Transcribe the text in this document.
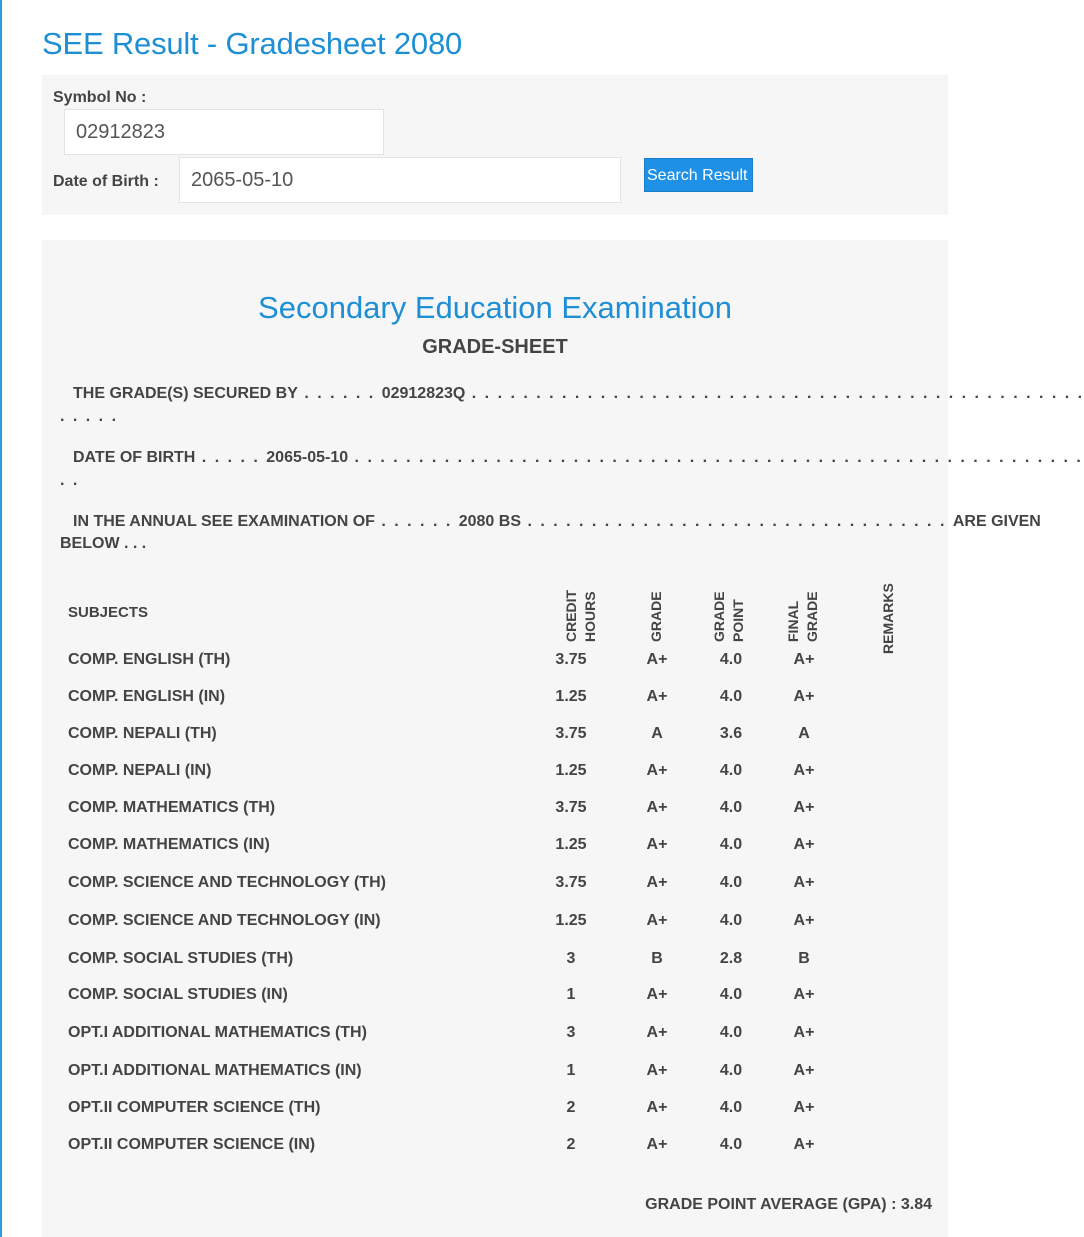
SEE Result - Gradesheet 2080
Symbol No :
02912823
Date of Birth :	2065-05-10	Search Result
Secondary Education Examination
GRADE-SHEET
THE GRADE(S) SECURED BY . . . . . . 02912823Q . . . . . . . . . . . . . . . . . . . . . . . . . . . . . . . . . . . . . . . . . . . . . . . .
. . . . .
DATE OF BIRTH . . . . . 2065-05-10 . . . . . . . . . . . . . . . . . . . . . . . . . . . . . . . . . . . . . . . . . . . . . . . . . . . . . . . . .
. .
IN THE ANNUAL SEE EXAMINATION OF . . . . . . 2080 BS . . . . . . . . . . . . . . . . . . . . . . . . . . . . . . . . . ARE GIVEN
BELOW . . .
SUBJECTS	CREDIT HOURS	GRADE	GRADE POINT	FINAL GRADE	REMARKS
COMP. ENGLISH (TH)	3.75	A+	4.0	A+
COMP. ENGLISH (IN)	1.25	A+	4.0	A+
COMP. NEPALI (TH)	3.75	A	3.6	A
COMP. NEPALI (IN)	1.25	A+	4.0	A+
COMP. MATHEMATICS (TH)	3.75	A+	4.0	A+
COMP. MATHEMATICS (IN)	1.25	A+	4.0	A+
COMP. SCIENCE AND TECHNOLOGY (TH)	3.75	A+	4.0	A+
COMP. SCIENCE AND TECHNOLOGY (IN)	1.25	A+	4.0	A+
COMP. SOCIAL STUDIES (TH)	3	B	2.8	B
COMP. SOCIAL STUDIES (IN)	1	A+	4.0	A+
OPT.I ADDITIONAL MATHEMATICS (TH)	3	A+	4.0	A+
OPT.I ADDITIONAL MATHEMATICS (IN)	1	A+	4.0	A+
OPT.II COMPUTER SCIENCE (TH)	2	A+	4.0	A+
OPT.II COMPUTER SCIENCE (IN)	2	A+	4.0	A+
GRADE POINT AVERAGE (GPA) : 3.84
